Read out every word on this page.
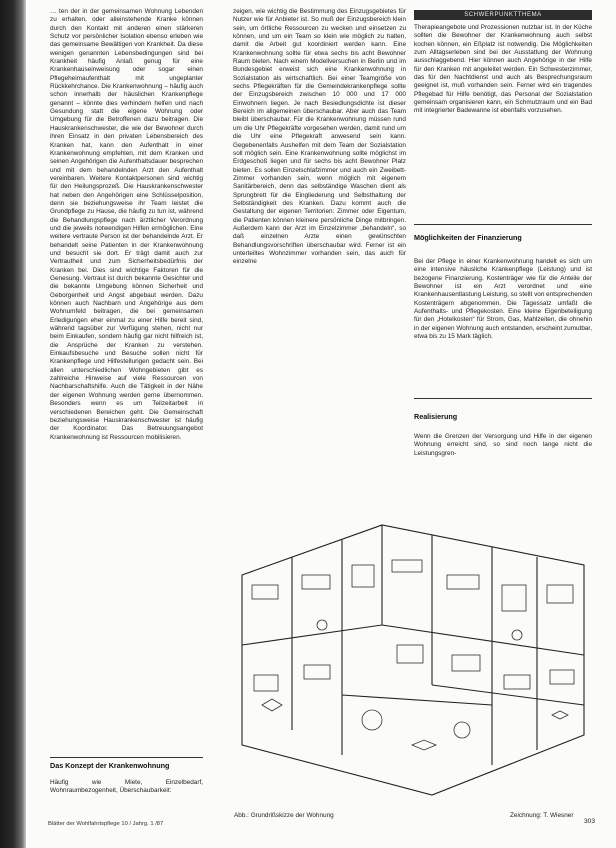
… ten der in der gemeinsamen Wohnung Lebenden zu erhalten, oder alleinstehende Kranke können durch den Kontakt mit anderen einen stärkeren Schutz vor persönlicher Isolation ebenso erleben wie das gemeinsame Bewältigen von Krankheit. Da diese wenigen genannten Lebensbedingungen sind bei Krankheit häufig Anlaß genug für eine Krankenhauseinweisung oder sogar einen Pflegeheimaufenthalt mit ungeplanter Rückkehrchance. Die Krankenwohnung – häufig auch schon innerhalb der häuslichen Krankenpflege genannt – könnte dies verhindern helfen und nach Gesundung statt die eigene Wohnung oder Umgebung für die Betroffenen dazu beitragen. Die Hauskrankenschwester, die wie der Bewohner durch ihren Einsatz in den privaten Lebensbereich des Kranken hat, kann den Aufenthalt in einer Krankenwohnung empfehlen, mit dem Kranken und seinen Angehörigen die Aufenthaltsdauer besprechen und mit dem behandelnden Arzt den Aufenthalt vereinbaren. Weitere Kontaktpersonen sind wichtig für den Heilungsprozeß. Die Hauskrankenschwester hat neben den Angehörigen eine Schlüsselposition, denn sie beziehungsweise ihr Team leistet die Grundpflege zu Hause, die häufig zu tun ist, während die Behandlungspflege nach ärztlicher Verordnung und die jeweils notwendigen Hilfen ermöglichen. Eine weitere vertraute Person ist der behandelnde Arzt. Er behandelt seine Patienten in der Krankenwohnung und besucht sie dort. Er trägt damit auch zur Vertrautheit und zum Sicherheitsbedürfnis der Kranken bei. Dies sind wichtige Faktoren für die Genesung. Vertraut ist durch bekannte Gesichter und die bekannte Umgebung können Sicherheit und Geborgenheit und Angst abgebaut werden. Dazu können auch Nachbarn und Angehörige aus dem Wohnumfeld beitragen, die bei gemeinsamen Erledigungen eher einmal zu einer Hilfe bereit sind, während tagsüber zur Verfügung stehen, nicht nur beim Einkaufen, sondern häufig gar nicht hilfreich ist, die Ansprüche der Kranken zu verstehen. Einkaufsbesuche und Besuche sollen nicht für Krankenpflege und Hilfestellungen gedacht sein. Bei allen unterschiedlichen Wohngebieten gibt es zahlreiche Hinweise auf viele Ressourcen von Nachbarschaftshilfe. Auch die Tätigkeit in der Nähe der eigenen Wohnung werden gerne übernommen. Besonders wenn es um Teilzeitarbeit in verschiedenen Bereichen geht. Die Gemeinschaft beziehungsweise Hauskrankenschwester ist häufig der Koordinator. Das Betreuungsangebot Krankenwohnung ist Ressourcen mobilisieren.

Das Konzept der Krankenwohnung

Häufig wie Miete, Einzelbedarf, Wohnraumbezogenheit, Überschaubarkeit:

zeigen, wie wichtig die Bestimmung des Einzugsgebietes für Nutzer wie für Anbieter ist. So muß der Einzugsbereich klein sein, um örtliche Ressourcen zu wecken und einsetzen zu können, und um ein Team so klein wie möglich zu halten, damit die Arbeit gut koordiniert werden kann. Eine Krankenwohnung sollte für etwa sechs bis acht Bewohner Raum bieten. Nach einem Modellversuchen in Berlin und im Bundesgebiet erweist sich eine Krankenwohnung in Sozialstation als wirtschaftlich. Bei einer Teamgröße von sechs Pflegekräften für die Gemeindekrankenpflege sollte der Einzugsbereich zwischen 10 000 und 17 000 Einwohnern liegen. Je nach Besiedlungsdichte ist dieser Bereich im allgemeinen überschaubar. Aber auch das Team bleibt überschaubar. Für die Krankenwohnung müssen rund um die Uhr Pflegekräfte vorgesehen werden, damit rund um die Uhr eine Pflegekraft anwesend sein kann. Gegebenenfalls Aushelfen mit dem Team der Sozialstation soll möglich sein. Eine Krankenwohnung sollte möglichst im Erdgeschoß liegen und für sechs bis acht Bewohner Platz bieten. Es sollen Einzelschlafzimmer und auch ein Zweibett-Zimmer vorhanden sein, wenn möglich mit eigenem Sanitärbereich, denn das selbständige Waschen dient als Sprungbrett für die Eingliederung und Selbsthaltung der Selbständigkeit des Kranken. Dazu kommt auch die Gestaltung der eigenen Territorien: Zimmer oder Eigentum, die Patienten können kleinere persönliche Dinge mitbringen. Außerdem kann der Arzt im Einzelzimmer „behandeln“, so daß einzelnen Arzte einen gewünschten Behandlungsvorschriften überschaubar wird. Ferner ist ein unterteiltes Wohnzimmer vorhanden sein, das auch für einzelne

SCHWERPUNKTTHEMA

Therapieangebote und Prozessionen nutzbar ist. In der Küche sollten die Bewohner der Krankenwohnung auch selbst kochen können, ein Eßplatz ist notwendig. Die Möglichkeiten zum Alltagserleben sind bei der Ausstattung der Wohnung ausschlaggebend. Hier können auch Angehörige in der Hilfe für den Kranken mit angeleitet werden. Ein Schwesterzimmer, das für den Nachtdienst und auch als Besprechungsraum geeignet ist, muß vorhanden sein. Ferner wird ein tragendes Pflegebad für Hilfe benötigt, das Personal der Sozialstation gemeinsam organisieren kann, ein Schmutzraum und ein Bad mit integrierter Badewanne ist ebenfalls vorzusehen.

Möglichkeiten der Finanzierung

Bei der Pflege in einer Krankenwohnung handelt es sich um eine intensive häusliche Krankenpflege (Leistung) und ist bezogene Finanzierung. Kostenträger wie für die Anteile der Bewohner ist ein Arzt verordnet und eine Krankenhausentlastung Leistung, so stellt von entsprechenden Kostenträgern abgenommen. Die Tagessatz umfaßt die Aufenthalts- und Pflegekosten. Eine kleine Eigenbeteiligung für den „Hotelkosten“ für Strom, Gas, Mahlzeiten, die ohnehin in der eigenen Wohnung auch entstanden, erscheint zumutbar, etwa bis zu 15 Mark täglich.

Realisierung

Wenn die Grenzen der Versorgung und Hilfe in der eigenen Wohnung erreicht sind, so sind noch lange nicht die Leistungsgren-

Abb.: Grundrißskizze der Wohnung	Zeichnung: T. Wiesner
Blätter der Wohlfahrtspflege 10 / Jahrg. 1 /87	303
